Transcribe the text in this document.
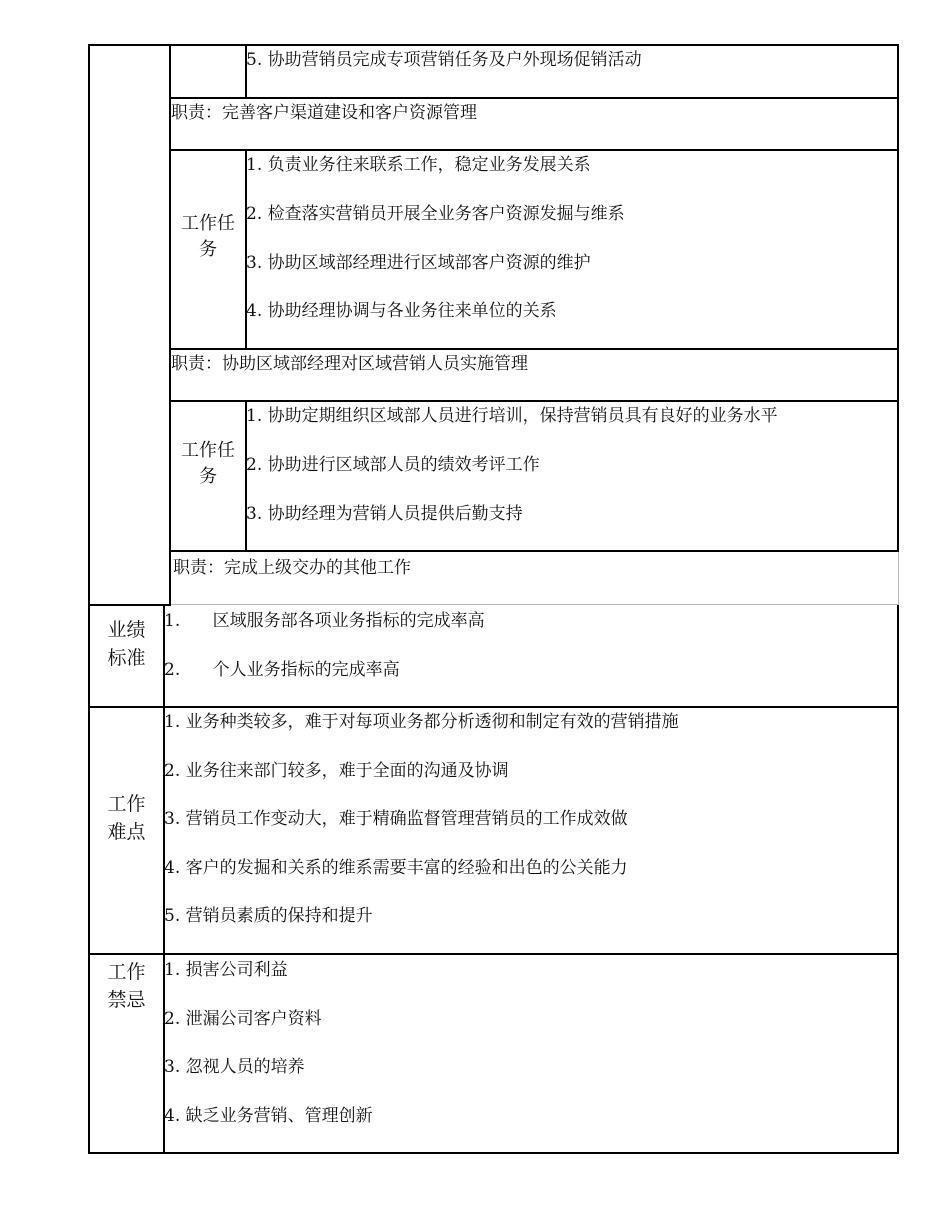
5. 协助营销员完成专项营销任务及户外现场促销活动
职责：完善客户渠道建设和客户资源管理
工作任
务
1. 负责业务往来联系工作，稳定业务发展关系
2. 检查落实营销员开展全业务客户资源发掘与维系
3. 协助区域部经理进行区域部客户资源的维护
4. 协助经理协调与各业务往来单位的关系
职责：协助区域部经理对区域营销人员实施管理
工作任
务
1. 协助定期组织区域部人员进行培训，保持营销员具有良好的业务水平
2. 协助进行区域部人员的绩效考评工作
3. 协助经理为营销人员提供后勤支持
职责：完成上级交办的其他工作
业绩
标准
1.      区域服务部各项业务指标的完成率高
2.      个人业务指标的完成率高
工作
难点
1. 业务种类较多，难于对每项业务都分析透彻和制定有效的营销措施
2. 业务往来部门较多，难于全面的沟通及协调
3. 营销员工作变动大，难于精确监督管理营销员的工作成效做
4. 客户的发掘和关系的维系需要丰富的经验和出色的公关能力
5. 营销员素质的保持和提升
工作
禁忌
1. 损害公司利益
2. 泄漏公司客户资料
3. 忽视人员的培养
4. 缺乏业务营销、管理创新
